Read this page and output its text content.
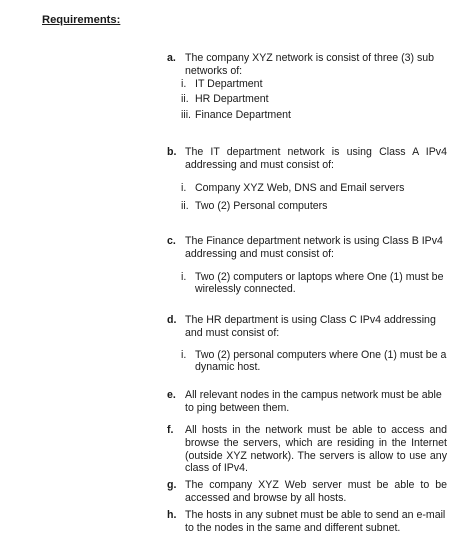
Requirements:
a. The company XYZ network is consist of three (3) sub networks of:
i. IT Department
ii. HR Department
iii. Finance Department
b. The IT department network is using Class A IPv4 addressing and must consist of:
i. Company XYZ Web, DNS and Email servers
ii. Two (2) Personal computers
c. The Finance department network is using Class B IPv4 addressing and must consist of:
i. Two (2) computers or laptops where One (1) must be wirelessly connected.
d. The HR department is using Class C IPv4 addressing and must consist of:
i. Two (2) personal computers where One (1) must be a dynamic host.
e. All relevant nodes in the campus network must be able to ping between them.
f. All hosts in the network must be able to access and browse the servers, which are residing in the Internet (outside XYZ network). The servers is allow to use any class of IPv4.
g. The company XYZ Web server must be able to be accessed and browse by all hosts.
h. The hosts in any subnet must be able to send an e-mail to the nodes in the same and different subnet.
